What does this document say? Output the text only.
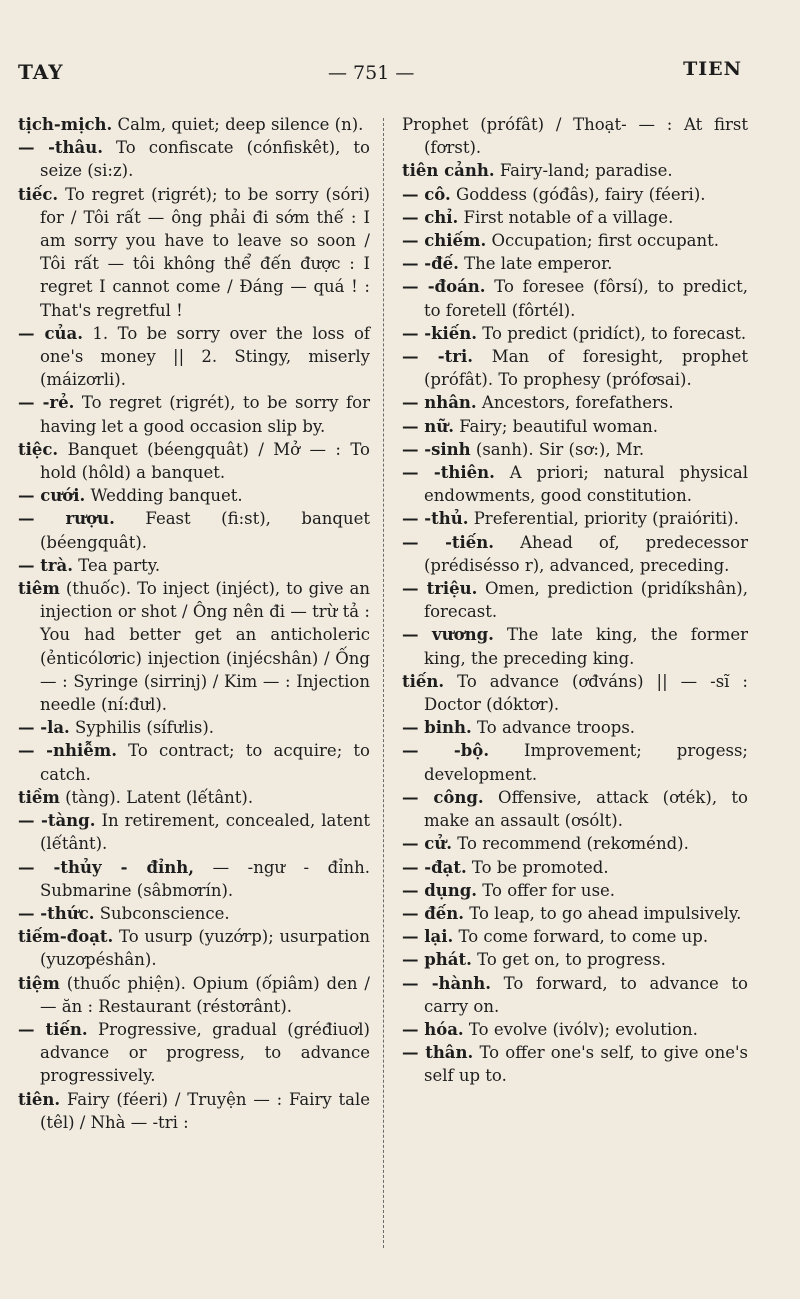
TAY	— 751 —	TIEN

tịch-mịch. Calm, quiet; deep silence (n).

— -thâu. To confiscate (cónfiskêt), to seize (si:z).

tiếc. To regret (rigrét); to be sorry (sóri) for / Tôi rất — ông phải đi sớm thế : I am sorry you have to leave so soon / Tôi rất — tôi không thể đến được : I regret I cannot come / Đáng — quá ! : That's regretful !

— của. 1. To be sorry over the loss of one's money || 2. Stingy, miserly (máizơrli).

— -rẻ. To regret (rigrét), to be sorry for having let a good occasion slip by.

tiệc. Banquet (béengquât) / Mở — : To hold (hôld) a banquet.

— cưới. Wedding banquet.

— rượu. Feast (fi:st), banquet (béengquât).

— trà. Tea party.

tiêm (thuốc). To inject (injéct), to give an injection or shot / Ông nên đi — trừ tả : You had better get an anticholeric (ẻnticólơric) injection (injécshân) / Ống — : Syringe (sirrinj) / Kim — : Injection needle (ní:đưl).

— -la. Syphilis (sífưlis).

— -nhiễm. To contract; to acquire; to catch.

tiềm (tàng). Latent (lếtânt).

— -tàng. In retirement, concealed, latent (lếtânt).

— -thủy - đỉnh, — -ngư - đỉnh. Submarine (sâbmơrín).

— -thức. Subconscience.

tiếm-đoạt. To usurp (yuzớrp); usurpation (yuzơpéshân).

tiệm (thuốc phiện). Opium (ốpiâm) den / — ăn : Restaurant (réstơrânt).

— tiến. Progressive, gradual (gréđiuơl) advance or progress, to advance progressively.

tiên. Fairy (féeri) / Truyện — : Fairy tale (têl) / Nhà — -tri :

Prophet (prófât) / Thoạt- — : At first (fơrst).

tiên cảnh. Fairy-land; paradise.

— cô. Goddess (góđâs), fairy (féeri).

— chỉ. First notable of a village.

— chiếm. Occupation; first occupant.

— -đế. The late emperor.

— -đoán. To foresee (fôrsí), to predict, to foretell (fôrtél).

— -kiến. To predict (pridíct), to forecast.

— -tri. Man of foresight, prophet (prófât). To prophesy (prófơsai).

— nhân. Ancestors, forefathers.

— nữ. Fairy; beautiful woman.

— -sinh (sanh). Sir (sơ:), Mr.

— -thiên. A priori; natural physical endowments, good constitution.

— -thủ. Preferential, priority (praióriti).

— -tiến. Ahead of, predecessor (prédisésso r), advanced, preceding.

— triệu. Omen, prediction (pridíkshân), forecast.

— vương. The late king, the former king, the preceding king.

tiến. To advance (ơđváns) || — -sĩ : Doctor (dóktơr).

— binh. To advance troops.

— -bộ. Improvement; progess; development.

— công. Offensive, attack (ơték), to make an assault (ơsólt).

— cử. To recommend (rekơménd).

— -đạt. To be promoted.

— dụng. To offer for use.

— đến. To leap, to go ahead impulsively.

— lại. To come forward, to come up.

— phát. To get on, to progress.

— -hành. To forward, to advance to carry on.

— hóa. To evolve (ivólv); evolution.

— thân. To offer one's self, to give one's self up to.
